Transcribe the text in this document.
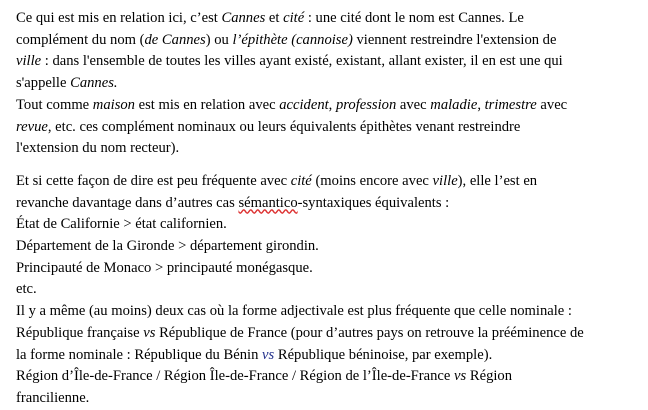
Ce qui est mis en relation ici, c’est Cannes et cité : une cité dont le nom est Cannes. Le
complément du nom (de Cannes) ou l’épithète (cannoise) viennent restreindre l'extension de
ville : dans l'ensemble de toutes les villes ayant existé, existant, allant exister, il en est une qui
s'appelle Cannes.
Tout comme maison est mis en relation avec accident, profession avec maladie, trimestre avec
revue, etc. ces complément nominaux ou leurs équivalents épithètes venant restreindre
l'extension du nom recteur).
Et si cette façon de dire est peu fréquente avec cité (moins encore avec ville), elle l’est en
revanche davantage dans d’autres cas sémantico-syntaxiques équivalents :
État de Californie > état californien.
Département de la Gironde > département girondin.
Principauté de Monaco > principauté monégasque.
etc.
Il y a même (au moins) deux cas où la forme adjectivale est plus fréquente que celle nominale :
République française vs République de France (pour d’autres pays on retrouve la prééminence de
la forme nominale : République du Bénin vs République béninoise, par exemple).
Région d’Île-de-France / Région Île-de-France / Région de l’Île-de-France vs Région
francilienne.
